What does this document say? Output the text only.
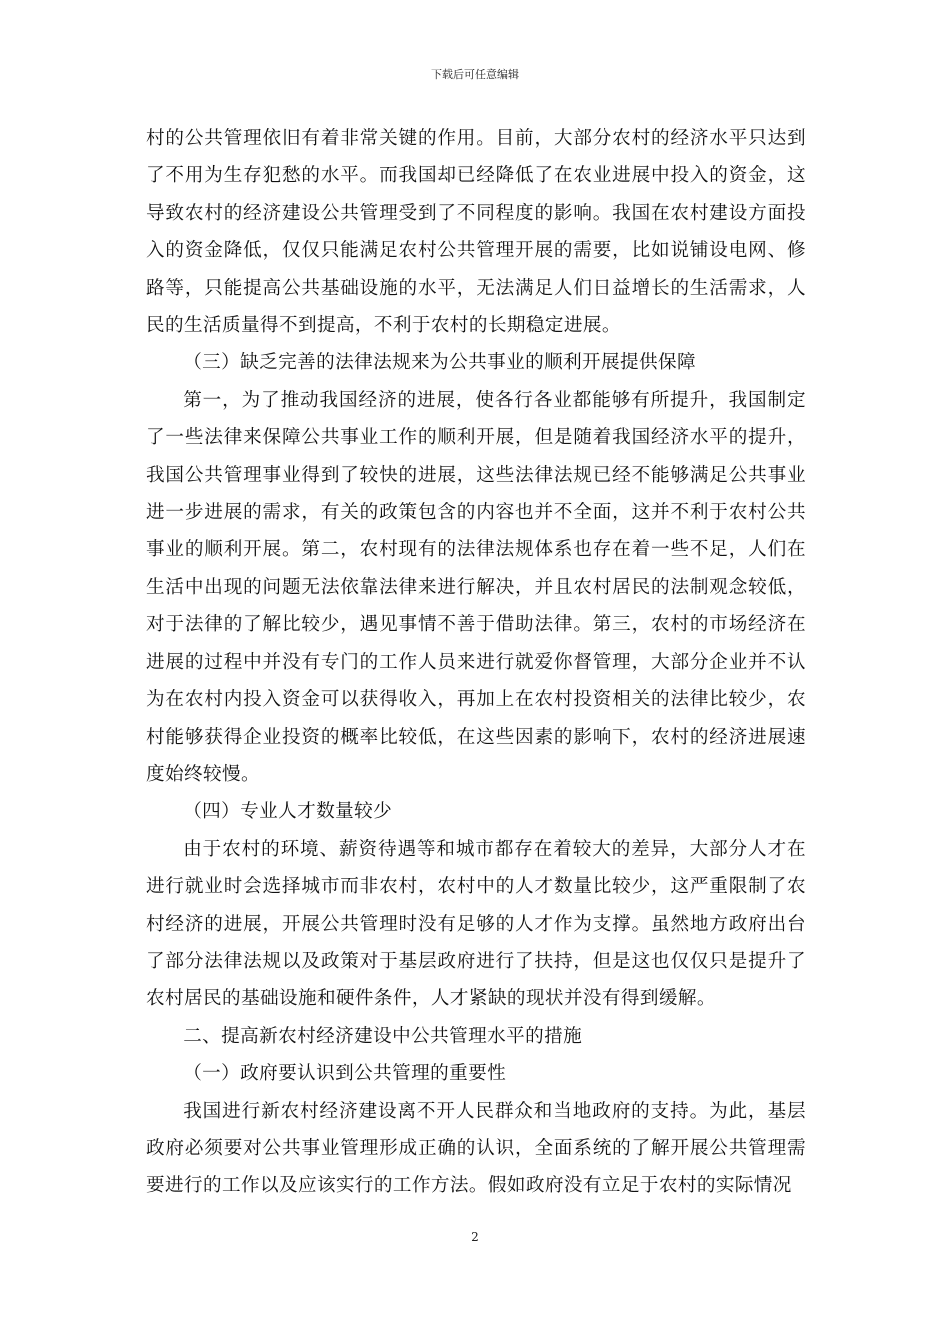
下载后可任意编辑

村的公共管理依旧有着非常关键的作用。目前，大部分农村的经济水平只达到了不用为生存犯愁的水平。而我国却已经降低了在农业进展中投入的资金，这导致农村的经济建设公共管理受到了不同程度的影响。我国在农村建设方面投入的资金降低，仅仅只能满足农村公共管理开展的需要，比如说铺设电网、修路等，只能提高公共基础设施的水平，无法满足人们日益增长的生活需求，人民的生活质量得不到提高，不利于农村的长期稳定进展。

（三）缺乏完善的法律法规来为公共事业的顺利开展提供保障

第一，为了推动我国经济的进展，使各行各业都能够有所提升，我国制定了一些法律来保障公共事业工作的顺利开展，但是随着我国经济水平的提升，我国公共管理事业得到了较快的进展，这些法律法规已经不能够满足公共事业进一步进展的需求，有关的政策包含的内容也并不全面，这并不利于农村公共事业的顺利开展。第二，农村现有的法律法规体系也存在着一些不足，人们在生活中出现的问题无法依靠法律来进行解决，并且农村居民的法制观念较低，对于法律的了解比较少，遇见事情不善于借助法律。第三，农村的市场经济在进展的过程中并没有专门的工作人员来进行就爱你督管理，大部分企业并不认为在农村内投入资金可以获得收入，再加上在农村投资相关的法律比较少，农村能够获得企业投资的概率比较低，在这些因素的影响下，农村的经济进展速度始终较慢。

（四）专业人才数量较少

由于农村的环境、薪资待遇等和城市都存在着较大的差异，大部分人才在进行就业时会选择城市而非农村，农村中的人才数量比较少，这严重限制了农村经济的进展，开展公共管理时没有足够的人才作为支撑。虽然地方政府出台了部分法律法规以及政策对于基层政府进行了扶持，但是这也仅仅只是提升了农村居民的基础设施和硬件条件，人才紧缺的现状并没有得到缓解。

二、提高新农村经济建设中公共管理水平的措施

（一）政府要认识到公共管理的重要性

我国进行新农村经济建设离不开人民群众和当地政府的支持。为此，基层政府必须要对公共事业管理形成正确的认识，全面系统的了解开展公共管理需要进行的工作以及应该实行的工作方法。假如政府没有立足于农村的实际情况

2
